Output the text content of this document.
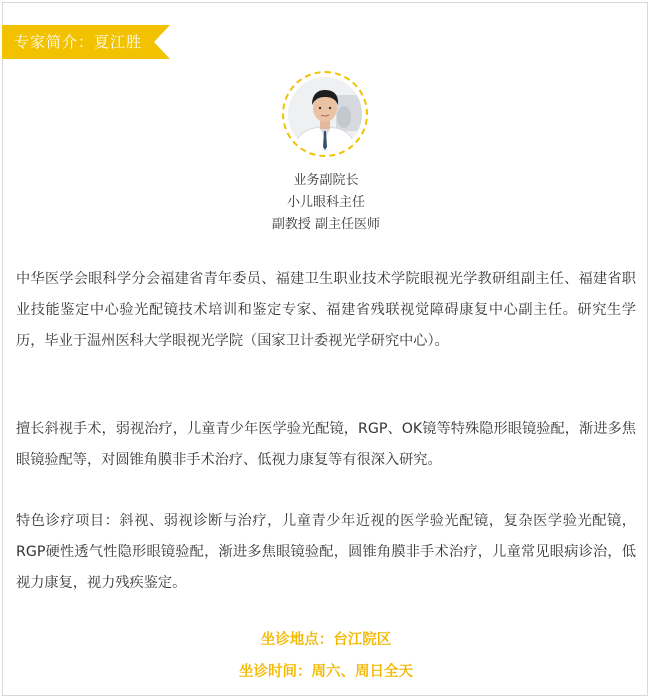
专家简介：夏江胜
业务副院长
小儿眼科主任
副教授 副主任医师
中华医学会眼科学分会福建省青年委员、福建卫生职业技术学院眼视光学教研组副主任、福建省职业技能鉴定中心验光配镜技术培训和鉴定专家、福建省残联视觉障碍康复中心副主任。研究生学历，毕业于温州医科大学眼视光学院（国家卫计委视光学研究中心）。
擅长斜视手术，弱视治疗，儿童青少年医学验光配镜，RGP、OK镜等特殊隐形眼镜验配，渐进多焦眼镜验配等，对圆锥角膜非手术治疗、低视力康复等有很深入研究。
特色诊疗项目：斜视、弱视诊断与治疗，儿童青少年近视的医学验光配镜，复杂医学验光配镜，RGP硬性透气性隐形眼镜验配，渐进多焦眼镜验配，圆锥角膜非手术治疗，儿童常见眼病诊治，低视力康复，视力残疾鉴定。
坐诊地点：台江院区
坐诊时间：周六、周日全天
